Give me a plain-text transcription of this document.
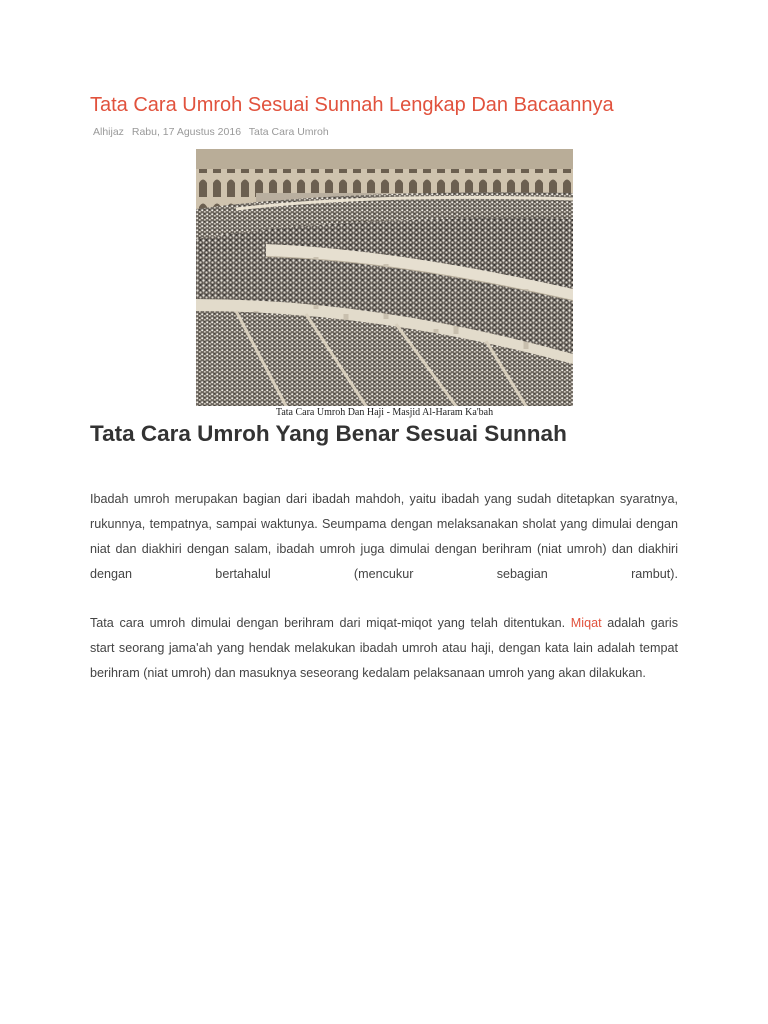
Tata Cara Umroh Sesuai Sunnah Lengkap Dan Bacaannya
Alhijaz Rabu, 17 Agustus 2016 Tata Cara Umroh
Tata Cara Umroh Dan Haji - Masjid Al-Haram Ka'bah
Tata Cara Umroh Yang Benar Sesuai Sunnah

Ibadah umroh merupakan bagian dari ibadah mahdoh, yaitu ibadah yang sudah ditetapkan syaratnya, rukunnya, tempatnya, sampai waktunya. Seumpama dengan melaksanakan sholat yang dimulai dengan niat dan diakhiri dengan salam, ibadah umroh juga dimulai dengan berihram (niat umroh) dan diakhiri dengan bertahalul (mencukur sebagian rambut).

Tata cara umroh dimulai dengan berihram dari miqat-miqot yang telah ditentukan. Miqat adalah garis start seorang jama'ah yang hendak melakukan ibadah umroh atau haji, dengan kata lain adalah tempat berihram (niat umroh) dan masuknya seseorang kedalam pelaksanaan umroh yang akan dilakukan.
